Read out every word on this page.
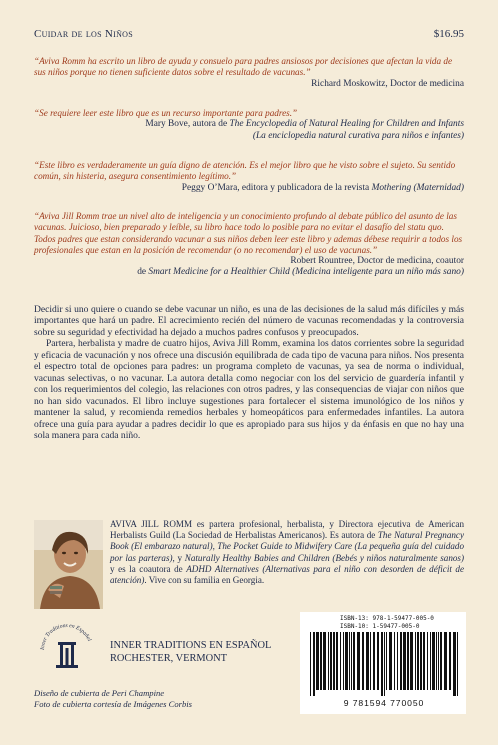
Cuidar de los Niños	$16.95
“Aviva Romm ha escrito un libro de ayuda y consuelo para padres ansiosos por decisiones que afectan la vida de sus niños porque no tienen suficiente datos sobre el resultado de vacunas.”
Richard Moskowitz, Doctor de medicina
“Se requiere leer este libro que es un recurso importante para padres.”
Mary Bove, autora de The Encyclopedia of Natural Healing for Children and Infants
(La enciclopedia natural curativa para niños e infantes)
“Este libro es verdaderamente un guía digno de atención. Es el mejor libro que he visto sobre el sujeto. Su sentido común, sin histeria, asegura consentimiento legítimo.”
Peggy O’Mara, editora y publicadora de la revista Mothering (Maternidad)
“Aviva Jill Romm trae un nivel alto de inteligencia y un conocimiento profundo al debate público del asunto de las vacunas. Juicioso, bien preparado y leíble, su libro hace todo lo posible para no evitar el dasafío del statu quo. Todos padres que estan considerando vacunar a sus niños deben leer este libro y ademas débese requirir a todos los profesionales que estan en la posición de recomendar (o no recomendar) el uso de vacunas.”
Robert Rountree, Doctor de medicina, coautor
de Smart Medicine for a Healthier Child (Medicina inteligente para un niño más sano)

Decidir si uno quiere o cuando se debe vacunar un niño, es una de las decisiones de la salud más difíciles y más importantes que hará un padre. El acrecimiento recién del número de vacunas recomendadas y la controversia sobre su seguridad y efectividad ha dejado a muchos padres confusos y preocupados.

Partera, herbalista y madre de cuatro hijos, Aviva Jill Romm, examina los datos corrientes sobre la seguridad y eficacia de vacunación y nos ofrece una discusión equilibrada de cada tipo de vacuna para niños. Nos presenta el espectro total de opciones para padres: un programa completo de vacunas, ya sea de norma o individual, vacunas selectivas, o no vacunar. La autora detalla como negociar con los del servicio de guardería infantil y con los requerimientos del colegio, las relaciones con otros padres, y las consequencias de viajar con niños que no han sido vacunados. El libro incluye sugestiones para fortalecer el sistema imunológico de los niños y mantener la salud, y recomienda remedios herbales y homeopáticos para enfermedades infantiles. La autora ofrece una guía para ayudar a padres decidir lo que es apropiado para sus hijos y da énfasis en que no hay una sola manera para cada niño.

AVIVA JILL ROMM es partera profesional, herbalista, y Directora ejecutiva de American Herbalists Guild (La Sociedad de Herbalistas Americanos). Es autora de The Natural Pregnancy Book (El embarazo natural), The Pocket Guide to Midwifery Care (La pequeña guía del cuidado por las parteras), y Naturally Healthy Babies and Children (Bebés y niños naturalmente sanos) y es la coautora de ADHD Alternatives (Alternativas para el niño con desorden de déficit de atención). Vive con su familia en Georgia.
Inner Traditions en Español INNER TRADITIONS EN ESPAÑOL
ROCHESTER, VERMONT
ISBN-13: 978-1-59477-005-0
ISBN-10: 1-59477-005-0
9 781594 770050
Diseño de cubierta de Peri Champine
Foto de cubierta cortesía de Imágenes Corbis
